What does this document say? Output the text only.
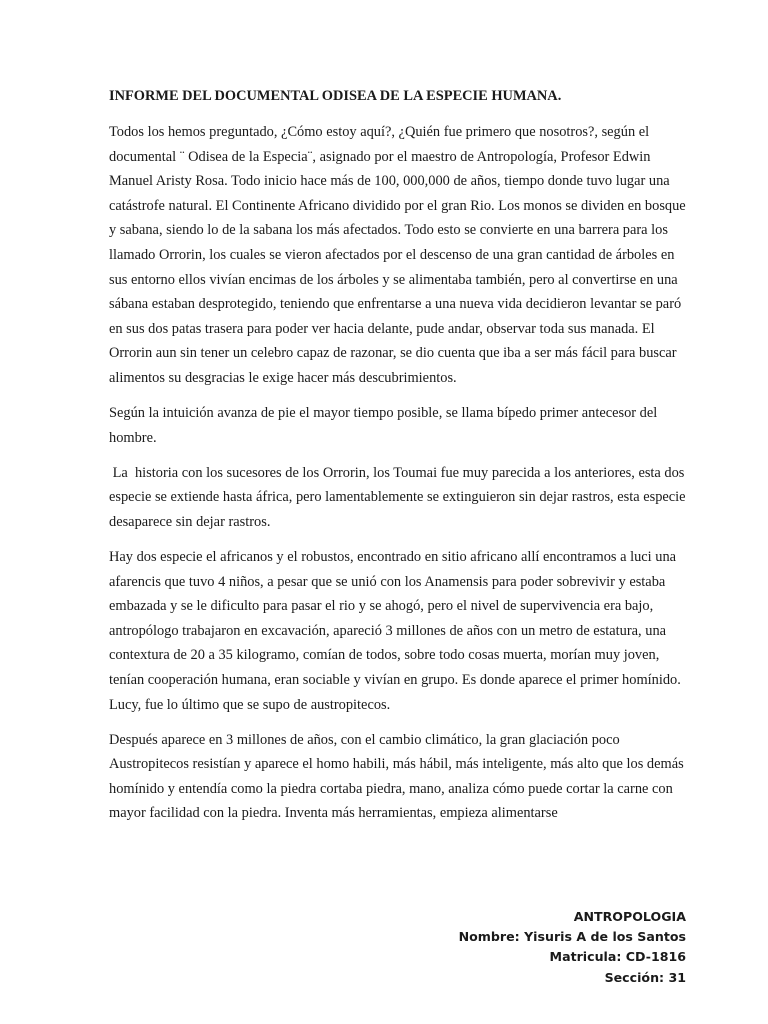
INFORME DEL DOCUMENTAL ODISEA DE LA ESPECIE HUMANA.

Todos los hemos preguntado, ¿Cómo estoy aquí?, ¿Quién fue primero que nosotros?, según el documental ¨ Odisea de la Especia¨, asignado por el maestro de Antropología, Profesor Edwin Manuel Aristy Rosa. Todo inicio hace más de 100, 000,000 de años, tiempo donde tuvo lugar una catástrofe natural. El Continente Africano dividido por el gran Rio. Los monos se dividen en bosque y sabana, siendo lo de la sabana los más afectados. Todo esto se convierte en una barrera para los llamado Orrorin, los cuales se vieron afectados por el descenso de una gran cantidad de árboles en sus entorno ellos vivían encimas de los árboles y se alimentaba también, pero al convertirse en una sábana estaban desprotegido, teniendo que enfrentarse a una nueva vida decidieron levantar se paró en sus dos patas trasera para poder ver hacia delante, pude andar, observar toda sus manada. El Orrorin aun sin tener un celebro capaz de razonar, se dio cuenta que iba a ser más fácil para buscar alimentos su desgracias le exige hacer más descubrimientos.

Según la intuición avanza de pie el mayor tiempo posible, se llama bípedo primer antecesor del hombre.

La  historia con los sucesores de los Orrorin, los Toumai fue muy parecida a los anteriores, esta dos especie se extiende hasta áfrica, pero lamentablemente se extinguieron sin dejar rastros, esta especie desaparece sin dejar rastros.

Hay dos especie el africanos y el robustos, encontrado en sitio africano allí encontramos a luci una afarencis que tuvo 4 niños, a pesar que se unió con los Anamensis para poder sobrevivir y estaba embazada y se le dificulto para pasar el rio y se ahogó, pero el nivel de supervivencia era bajo, antropólogo trabajaron en excavación, apareció 3 millones de años con un metro de estatura, una contextura de 20 a 35 kilogramo, comían de todos, sobre todo cosas muerta, morían muy joven, tenían cooperación humana, eran sociable y vivían en grupo. Es donde aparece el primer homínido. Lucy, fue lo último que se supo de austropitecos.

Después aparece en 3 millones de años, con el cambio climático, la gran glaciación poco Austropitecos resistían y aparece el homo habili, más hábil, más inteligente, más alto que los demás homínido y entendía como la piedra cortaba piedra, mano, analiza cómo puede cortar la carne con mayor facilidad con la piedra. Inventa más herramientas, empieza alimentarse

ANTROPOLOGIA
Nombre: Yisuris A de los Santos
Matricula: CD-1816
Sección: 31
